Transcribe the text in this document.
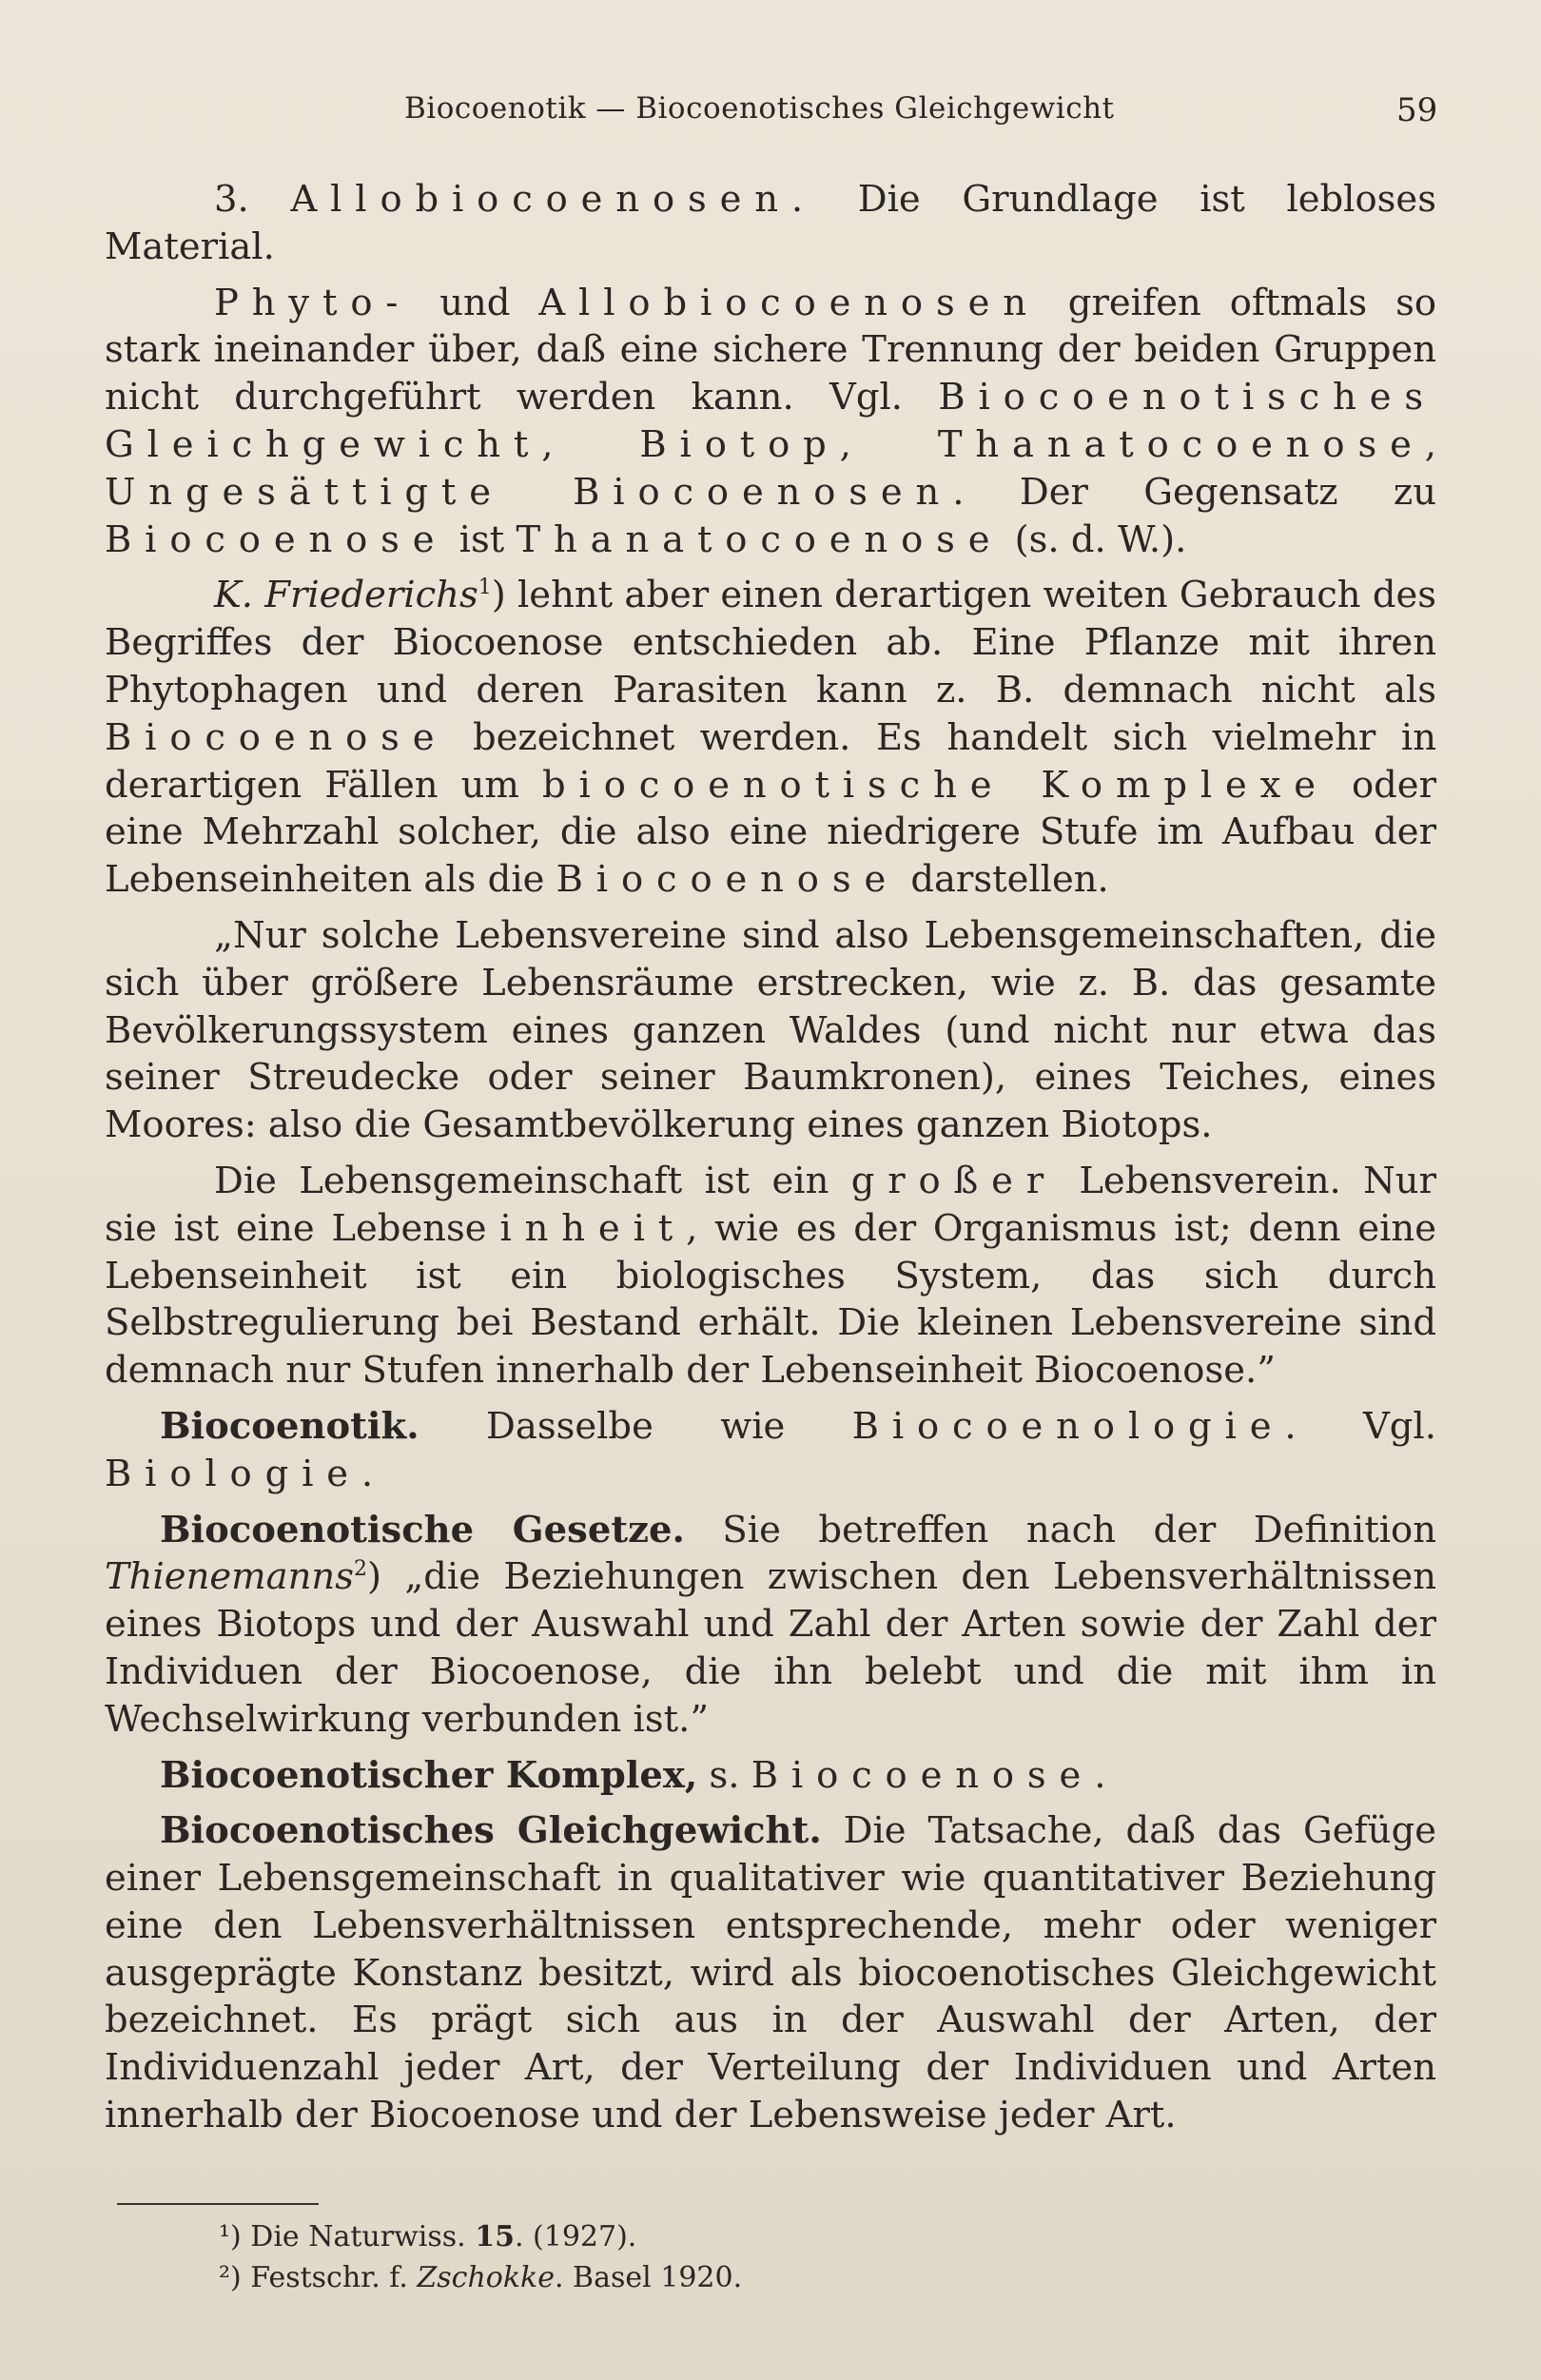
Biocoenotik — Biocoenotisches Gleichgewicht	59

3. Allobiocoenosen. Die Grundlage ist lebloses Material.

Phyto- und Allobiocoenosen greifen oftmals so stark ineinander über, daß eine sichere Trennung der beiden Gruppen nicht durchgeführt werden kann. Vgl. Biocoenotisches Gleichgewicht, Biotop, Thanatocoenose, Ungesättigte Biocoenosen. Der Gegensatz zu Biocoenose ist Thanatocoenose (s. d. W.).

K. Friederichs$^1$) lehnt aber einen derartigen weiten Gebrauch des Begriffes der Biocoenose entschieden ab. Eine Pflanze mit ihren Phytophagen und deren Parasiten kann z. B. demnach nicht als Biocoenose bezeichnet werden. Es handelt sich vielmehr in derartigen Fällen um biocoenotische Komplexe oder eine Mehrzahl solcher, die also eine niedrigere Stufe im Aufbau der Lebenseinheiten als die Biocoenose darstellen.

„Nur solche Lebensvereine sind also Lebensgemeinschaften, die sich über größere Lebensräume erstrecken, wie z. B. das gesamte Bevölkerungssystem eines ganzen Waldes (und nicht nur etwa das seiner Streudecke oder seiner Baumkronen), eines Teiches, eines Moores: also die Gesamtbevölkerung eines ganzen Biotops.

Die Lebensgemeinschaft ist ein großer Lebensverein. Nur sie ist eine Lebenseinheit, wie es der Organismus ist; denn eine Lebenseinheit ist ein biologisches System, das sich durch Selbstregulierung bei Bestand erhält. Die kleinen Lebensvereine sind demnach nur Stufen innerhalb der Lebenseinheit Biocoenose.”

Biocoenotik. Dasselbe wie Biocoenologie. Vgl. Biologie.

Biocoenotische Gesetze. Sie betreffen nach der Definition Thienemanns$^2$) „die Beziehungen zwischen den Lebensverhältnissen eines Biotops und der Auswahl und Zahl der Arten sowie der Zahl der Individuen der Biocoenose, die ihn belebt und die mit ihm in Wechselwirkung verbunden ist.”

Biocoenotischer Komplex, s. Biocoenose.

Biocoenotisches Gleichgewicht. Die Tatsache, daß das Gefüge einer Lebensgemeinschaft in qualitativer wie quantitativer Beziehung eine den Lebensverhältnissen entsprechende, mehr oder weniger ausgeprägte Konstanz besitzt, wird als biocoenotisches Gleichgewicht bezeichnet. Es prägt sich aus in der Auswahl der Arten, der Individuenzahl jeder Art, der Verteilung der Individuen und Arten innerhalb der Biocoenose und der Lebensweise jeder Art.

¹) Die Naturwiss. 15. (1927).
²) Festschr. f. Zschokke. Basel 1920.
